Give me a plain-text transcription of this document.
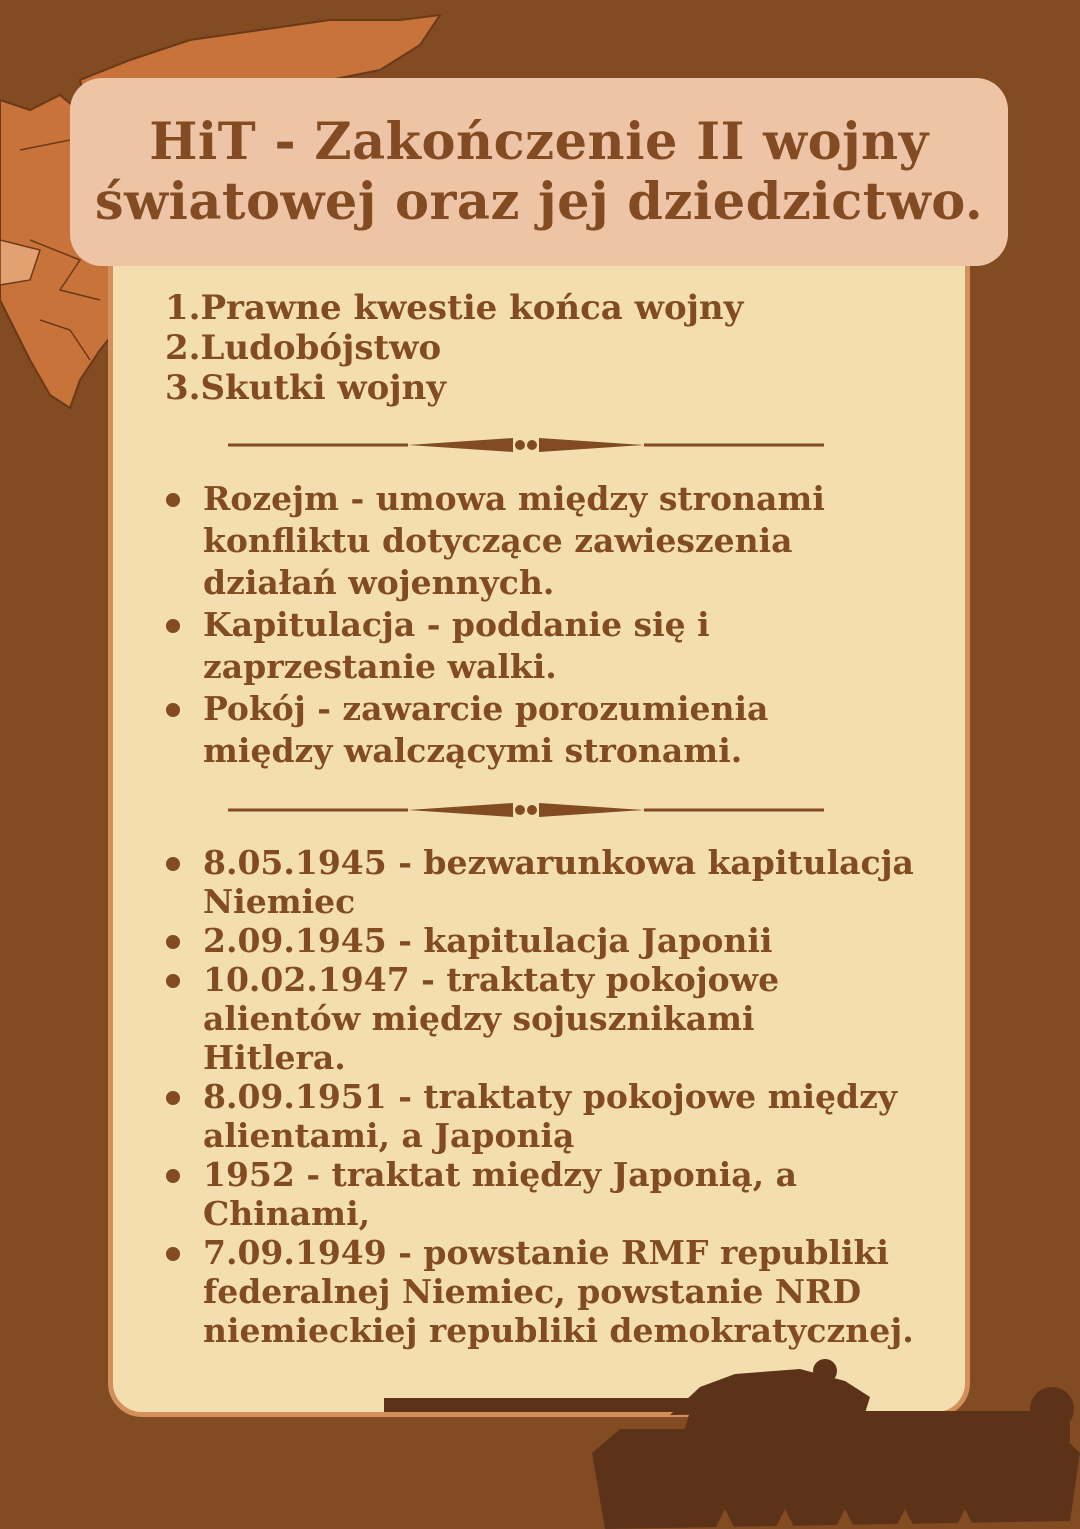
HiT - Zakończenie II wojny
światowej oraz jej dziedzictwo.
1.Prawne kwestie końca wojny
2.Ludobójstwo
3.Skutki wojny
Rozejm - umowa między stronami
konfliktu dotyczące zawieszenia
działań wojennych.
Kapitulacja - poddanie się i
zaprzestanie walki.
Pokój - zawarcie porozumienia
między walczącymi stronami.
8.05.1945 - bezwarunkowa kapitulacja
Niemiec
2.09.1945 - kapitulacja Japonii
10.02.1947 - traktaty pokojowe
alientów między sojusznikami
Hitlera.
8.09.1951 - traktaty pokojowe między
alientami, a Japonią
1952 - traktat między Japonią, a
Chinami,
7.09.1949 - powstanie RMF republiki
federalnej Niemiec, powstanie NRD
niemieckiej republiki demokratycznej.
